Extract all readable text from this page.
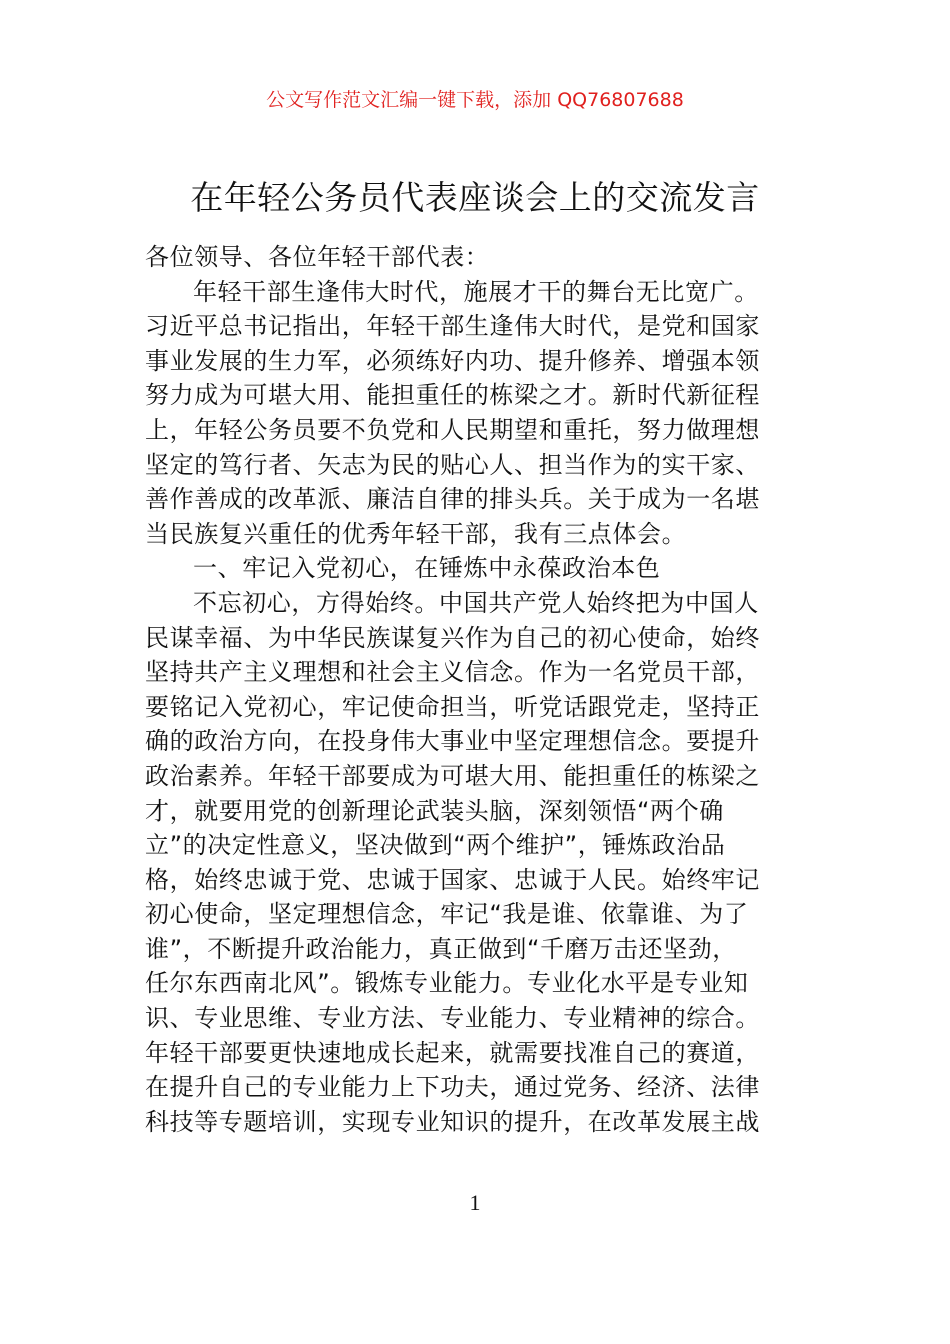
公文写作范文汇编一键下载，添加 QQ76807688
在年轻公务员代表座谈会上的交流发言
各位领导、各位年轻干部代表：
年轻干部生逢伟大时代，施展才干的舞台无比宽广。
习近平总书记指出，年轻干部生逢伟大时代，是党和国家
事业发展的生力军，必须练好内功、提升修养、增强本领
努力成为可堪大用、能担重任的栋梁之才。新时代新征程
上，年轻公务员要不负党和人民期望和重托，努力做理想
坚定的笃行者、矢志为民的贴心人、担当作为的实干家、
善作善成的改革派、廉洁自律的排头兵。关于成为一名堪
当民族复兴重任的优秀年轻干部，我有三点体会。
一、牢记入党初心，在锤炼中永葆政治本色
不忘初心，方得始终。中国共产党人始终把为中国人
民谋幸福、为中华民族谋复兴作为自己的初心使命，始终
坚持共产主义理想和社会主义信念。作为一名党员干部，
要铭记入党初心，牢记使命担当，听党话跟党走，坚持正
确的政治方向，在投身伟大事业中坚定理想信念。要提升
政治素养。年轻干部要成为可堪大用、能担重任的栋梁之
才，就要用党的创新理论武装头脑，深刻领悟“两个确
立”的决定性意义，坚决做到“两个维护”，锤炼政治品
格，始终忠诚于党、忠诚于国家、忠诚于人民。始终牢记
初心使命，坚定理想信念，牢记“我是谁、依靠谁、为了
谁”，不断提升政治能力，真正做到“千磨万击还坚劲，
任尔东西南北风”。锻炼专业能力。专业化水平是专业知
识、专业思维、专业方法、专业能力、专业精神的综合。
年轻干部要更快速地成长起来，就需要找准自己的赛道，
在提升自己的专业能力上下功夫，通过党务、经济、法律
科技等专题培训，实现专业知识的提升，在改革发展主战
1
